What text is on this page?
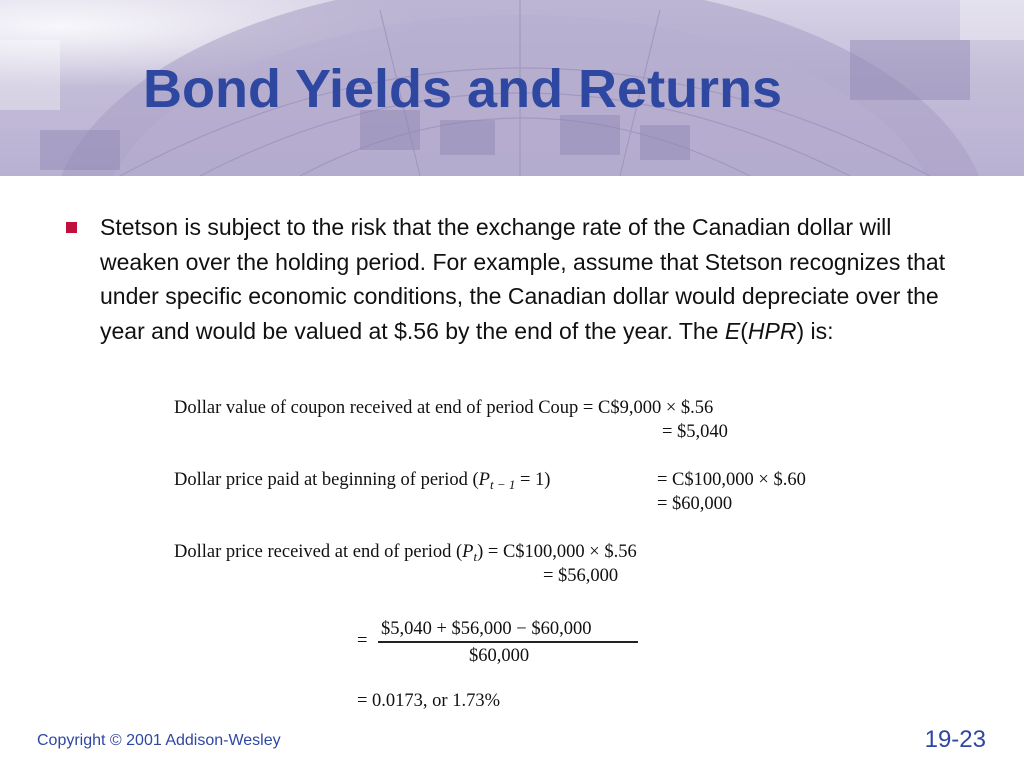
Bond Yields and Returns

Stetson is subject to the risk that the exchange rate of the Canadian dollar will weaken over the holding period. For example, assume that Stetson recognizes that under specific economic conditions, the Canadian dollar would depreciate over the year and would be valued at $.56 by the end of the year. The E(HPR) is:

Dollar value of coupon received at end of period Coup = C$9,000 × $.56

= $5,040

Dollar price paid at beginning of period $(P_{t - 1} = 1)$	= C$100,000 × $.60

= $60,000

Dollar price received at end of period $(P_t)$ = C$100,000 × $.56

= $56,000

=

$5,040 + $56,000 − $60,000
$60,000

= 0.0173, or 1.73%

Copyright © 2001 Addison-Wesley	19-23
